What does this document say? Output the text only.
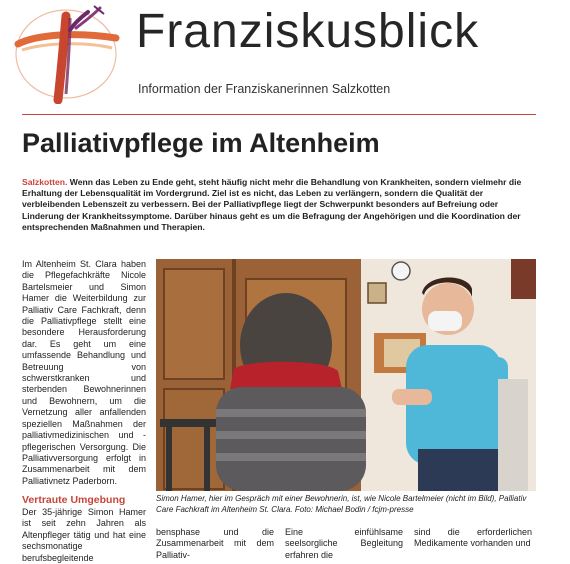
Franziskusblick
Information der Franziskanerinnen Salzkotten
Palliativpflege im Altenheim

Salzkotten. Wenn das Leben zu Ende geht, steht häufig nicht mehr die Behandlung von Krankheiten, sondern vielmehr die Erhaltung der Lebensqualität im Vordergrund. Ziel ist es nicht, das Leben zu verlängern, sondern die Qualität der verbleibenden Lebenszeit zu verbessern. Bei der Palliativpflege liegt der Schwerpunkt besonders auf Befreiung oder Linderung der Krankheitssymptome. Darüber hinaus geht es um die Befragung der Angehörigen und die Koordination der entsprechenden Maßnahmen und Therapien.

Im Altenheim St. Clara haben die Pflegefachkräfte Nicole Bartelsmeier und Simon Hamer die Weiterbildung zur Palliativ Care Fachkraft, denn die Palliativpflege stellt eine besondere Herausforderung dar. Es geht um eine umfassende Behandlung und Betreuung von schwerstkranken und sterbenden Bewohnerinnen und Bewohnern, um die Vernetzung aller anfallenden speziellen Maßnahmen der palliativmedizinischen und -pflegerischen Versorgung. Die Palliativversorgung erfolgt in Zusammenarbeit mit dem Palliativnetz Paderborn.

Simon Hamer, hier im Gespräch mit einer Bewohnerin, ist, wie Nicole Bartelmeier (nicht im Bild), Palliativ Care Fachkraft im Altenheim St. Clara. Foto: Michael Bodin / fcjm-presse

Vertraute Umgebung

Der 35-jährige Simon Hamer ist seit zehn Jahren als Altenpfleger tätig und hat eine sechsmonatige berufsbegleitende

bensphase und die Zusammenarbeit mit dem Palliativ-

Eine einfühlsame seelsorgliche Begleitung erfahren die

sind die erforderlichen Medikamente vorhanden und
